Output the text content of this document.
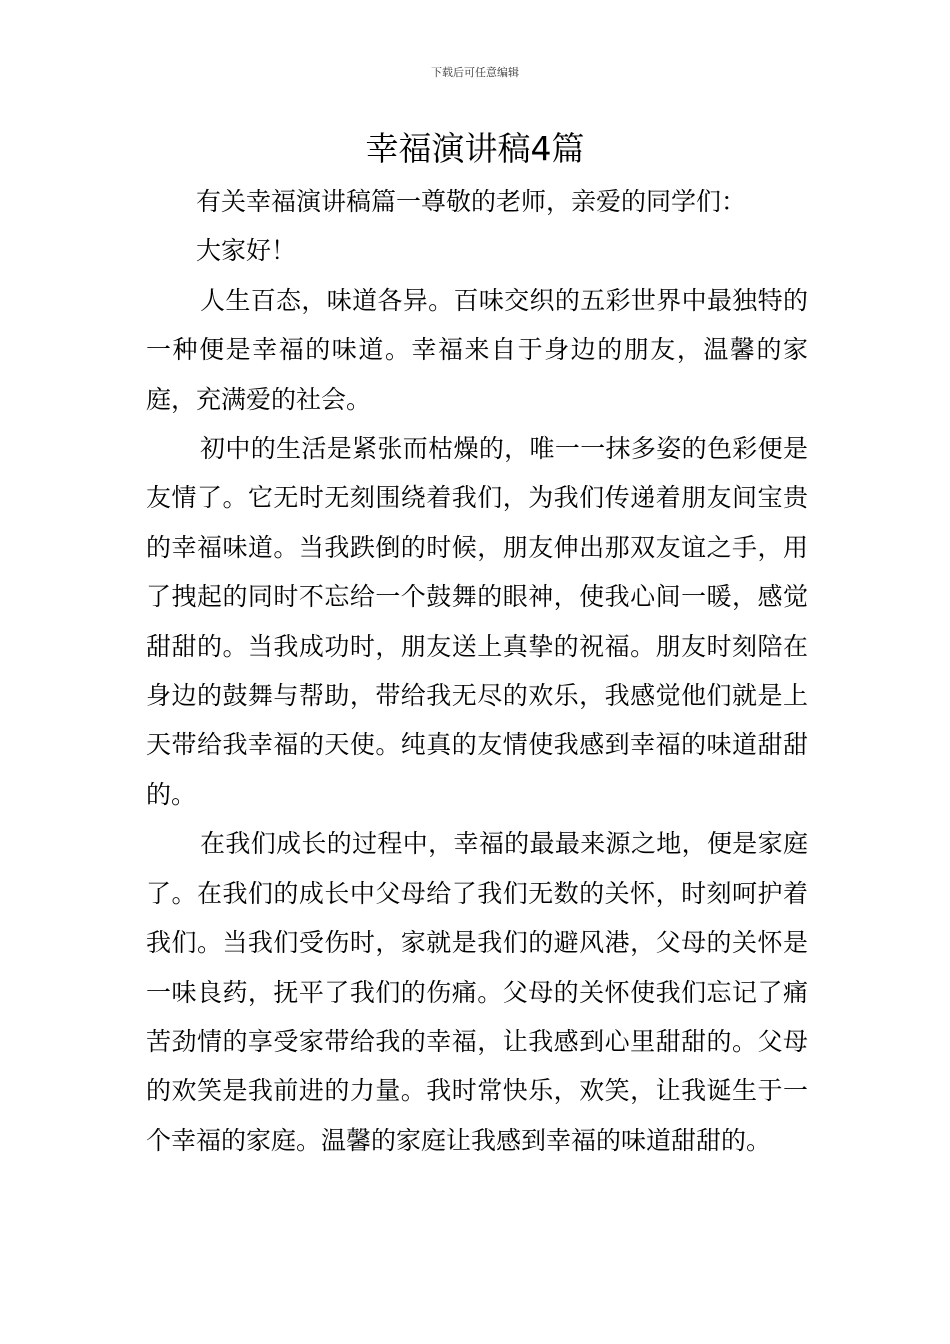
下载后可任意编辑
幸福演讲稿4篇

有关幸福演讲稿篇一尊敬的老师，亲爱的同学们：

大家好！

人生百态，味道各异。百味交织的五彩世界中最独特的一种便是幸福的味道。幸福来自于身边的朋友，温馨的家庭，充满爱的社会。

初中的生活是紧张而枯燥的，唯一一抹多姿的色彩便是友情了。它无时无刻围绕着我们，为我们传递着朋友间宝贵的幸福味道。当我跌倒的时候，朋友伸出那双友谊之手，用了拽起的同时不忘给一个鼓舞的眼神，使我心间一暖，感觉甜甜的。当我成功时，朋友送上真挚的祝福。朋友时刻陪在身边的鼓舞与帮助，带给我无尽的欢乐，我感觉他们就是上天带给我幸福的天使。纯真的友情使我感到幸福的味道甜甜的。

在我们成长的过程中，幸福的最最来源之地，便是家庭了。在我们的成长中父母给了我们无数的关怀，时刻呵护着我们。当我们受伤时，家就是我们的避风港，父母的关怀是一味良药，抚平了我们的伤痛。父母的关怀使我们忘记了痛苦劲情的享受家带给我的幸福，让我感到心里甜甜的。父母的欢笑是我前进的力量。我时常快乐，欢笑，让我诞生于一个幸福的家庭。温馨的家庭让我感到幸福的味道甜甜的。
